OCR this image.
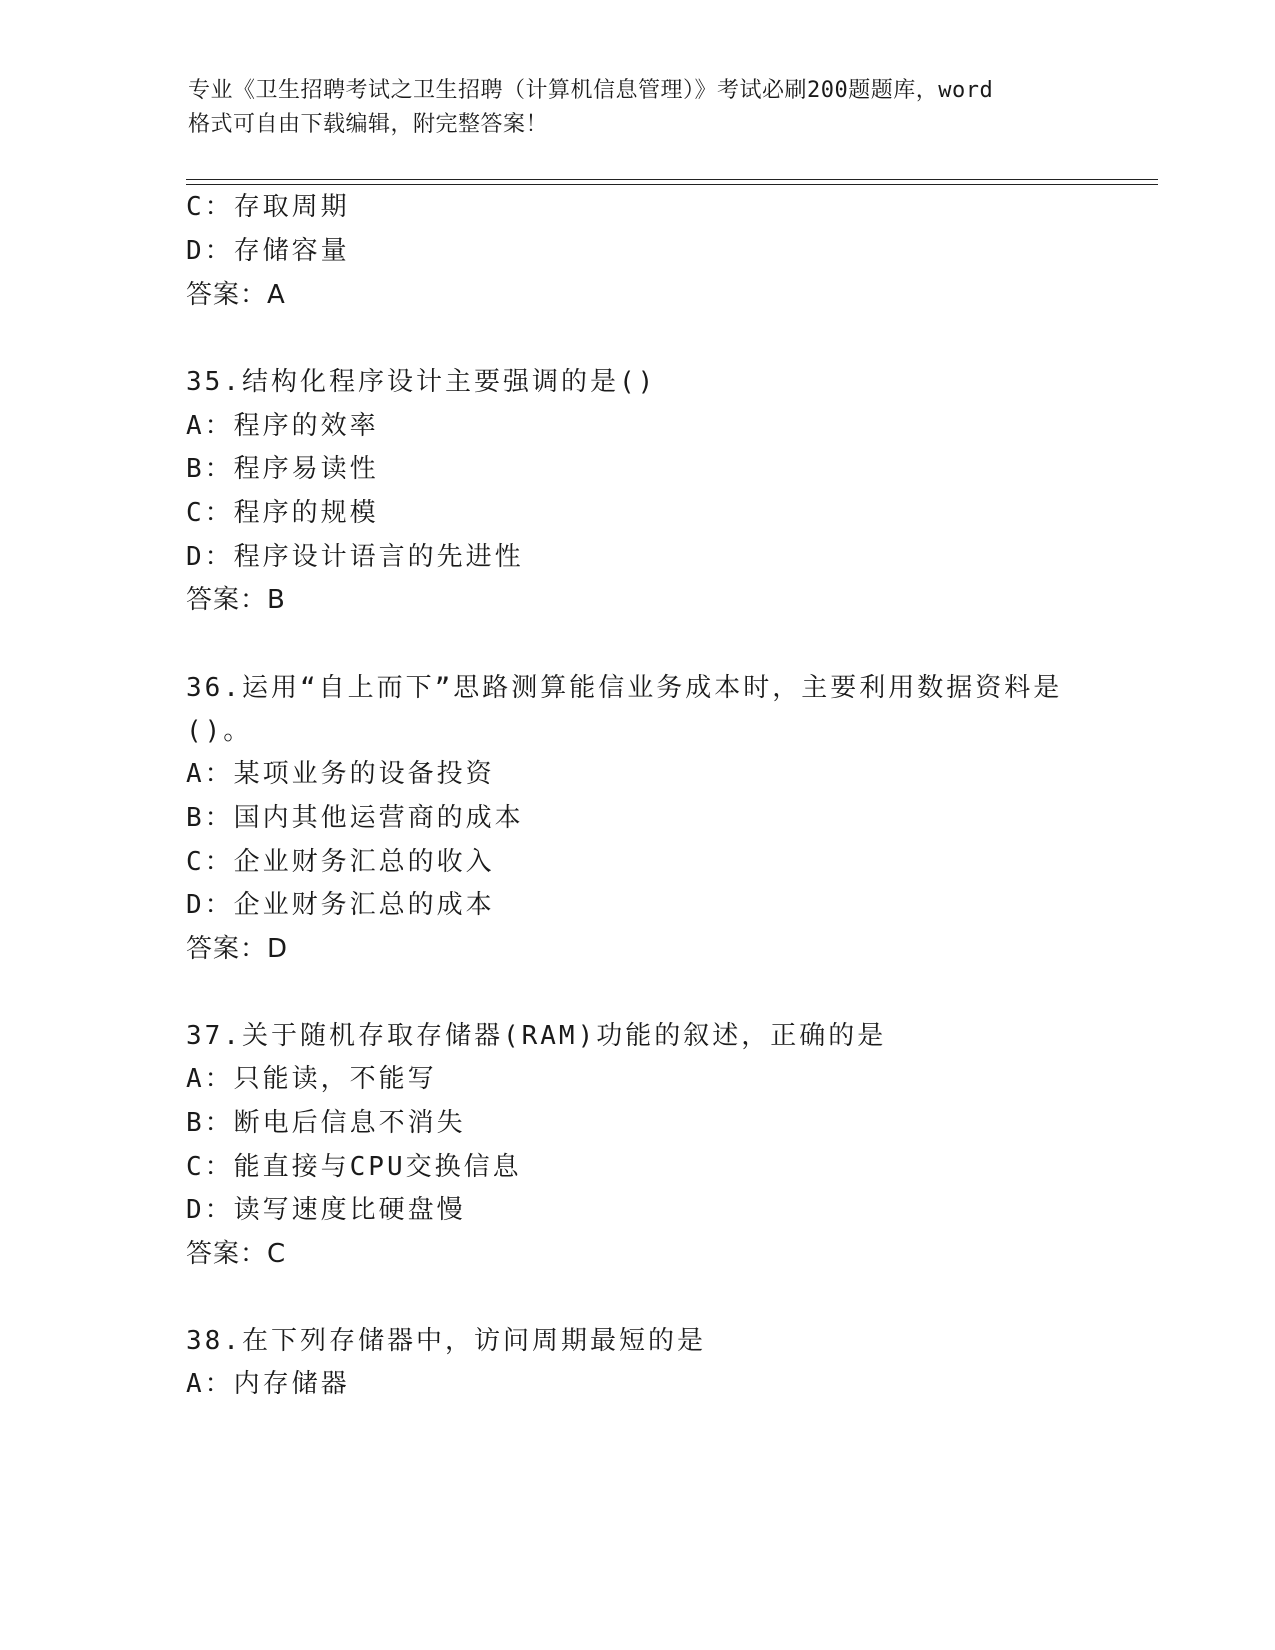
专业《卫生招聘考试之卫生招聘（计算机信息管理）》考试必刷200题题库，word
格式可自由下载编辑，附完整答案！
C：存取周期
D：存储容量
答案：A
35.结构化程序设计主要强调的是()
A：程序的效率
B：程序易读性
C：程序的规模
D：程序设计语言的先进性
答案：B
36.运用“自上而下”思路测算能信业务成本时，主要利用数据资料是
()。
A：某项业务的设备投资
B：国内其他运营商的成本
C：企业财务汇总的收入
D：企业财务汇总的成本
答案：D
37.关于随机存取存储器(RAM)功能的叙述，正确的是
A：只能读，不能写
B：断电后信息不消失
C：能直接与CPU交换信息
D：读写速度比硬盘慢
答案：C
38.在下列存储器中，访问周期最短的是
A：内存储器
